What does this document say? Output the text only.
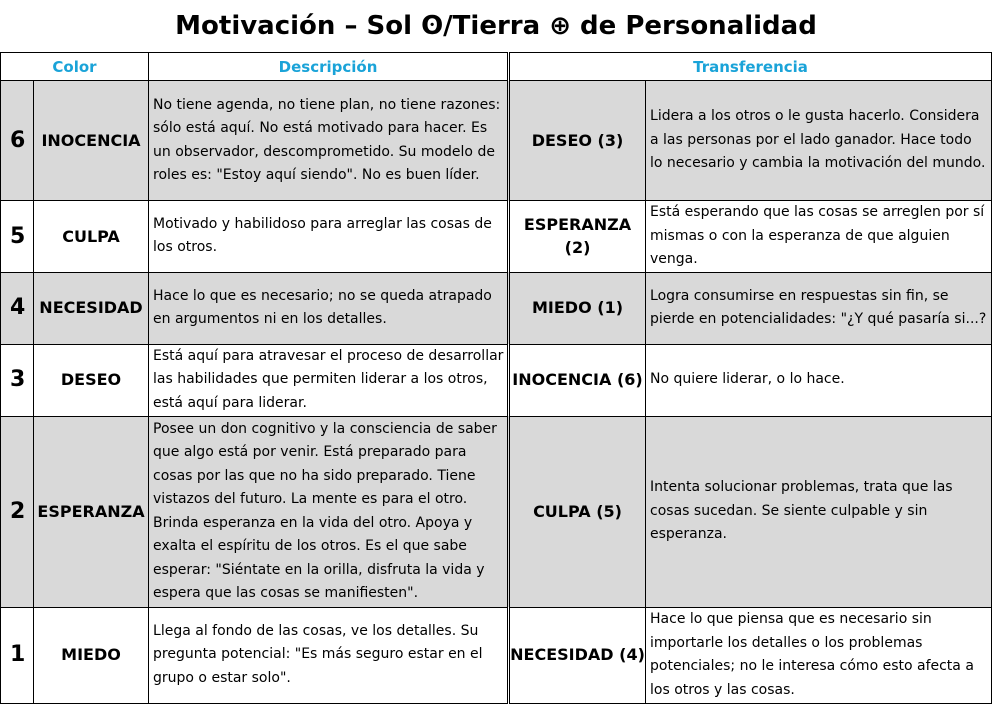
Motivación – Sol ʘ/Tierra ⊕ de Personalidad
Color		Descripción	Transferencia	
6	INOCENCIA	No tiene agenda, no tiene plan, no tiene razones: sólo está aquí. No está motivado para hacer. Es un observador, descomprometido. Su modelo de roles es: "Estoy aquí siendo". No es buen líder.	DESEO (3)	Lidera a los otros o le gusta hacerlo. Considera a las personas por el lado ganador. Hace todo lo necesario y cambia la motivación del mundo.
5	CULPA	Motivado y habilidoso para arreglar las cosas de los otros.	ESPERANZA (2)	Está esperando que las cosas se arreglen por sí mismas o con la esperanza de que alguien venga.
4	NECESIDAD	Hace lo que es necesario; no se queda atrapado en argumentos ni en los detalles.	MIEDO (1)	Logra consumirse en respuestas sin fin, se pierde en potencialidades: "¿Y qué pasaría si...?
3	DESEO	Está aquí para atravesar el proceso de desarrollar las habilidades que permiten liderar a los otros, está aquí para liderar.	INOCENCIA (6)	No quiere liderar, o lo hace.
2	ESPERANZA	Posee un don cognitivo y la consciencia de saber que algo está por venir. Está preparado para cosas por las que no ha sido preparado. Tiene vistazos del futuro. La mente es para el otro. Brinda esperanza en la vida del otro. Apoya y exalta el espíritu de los otros. Es el que sabe esperar: "Siéntate en la orilla, disfruta la vida y espera que las cosas se manifiesten".	CULPA (5)	Intenta solucionar problemas, trata que las cosas sucedan. Se siente culpable y sin esperanza.
1	MIEDO	Llega al fondo de las cosas, ve los detalles. Su pregunta potencial: "Es más seguro estar en el grupo o estar solo".	NECESIDAD (4)	Hace lo que piensa que es necesario sin importarle los detalles o los problemas potenciales; no le interesa cómo esto afecta a los otros y las cosas.
